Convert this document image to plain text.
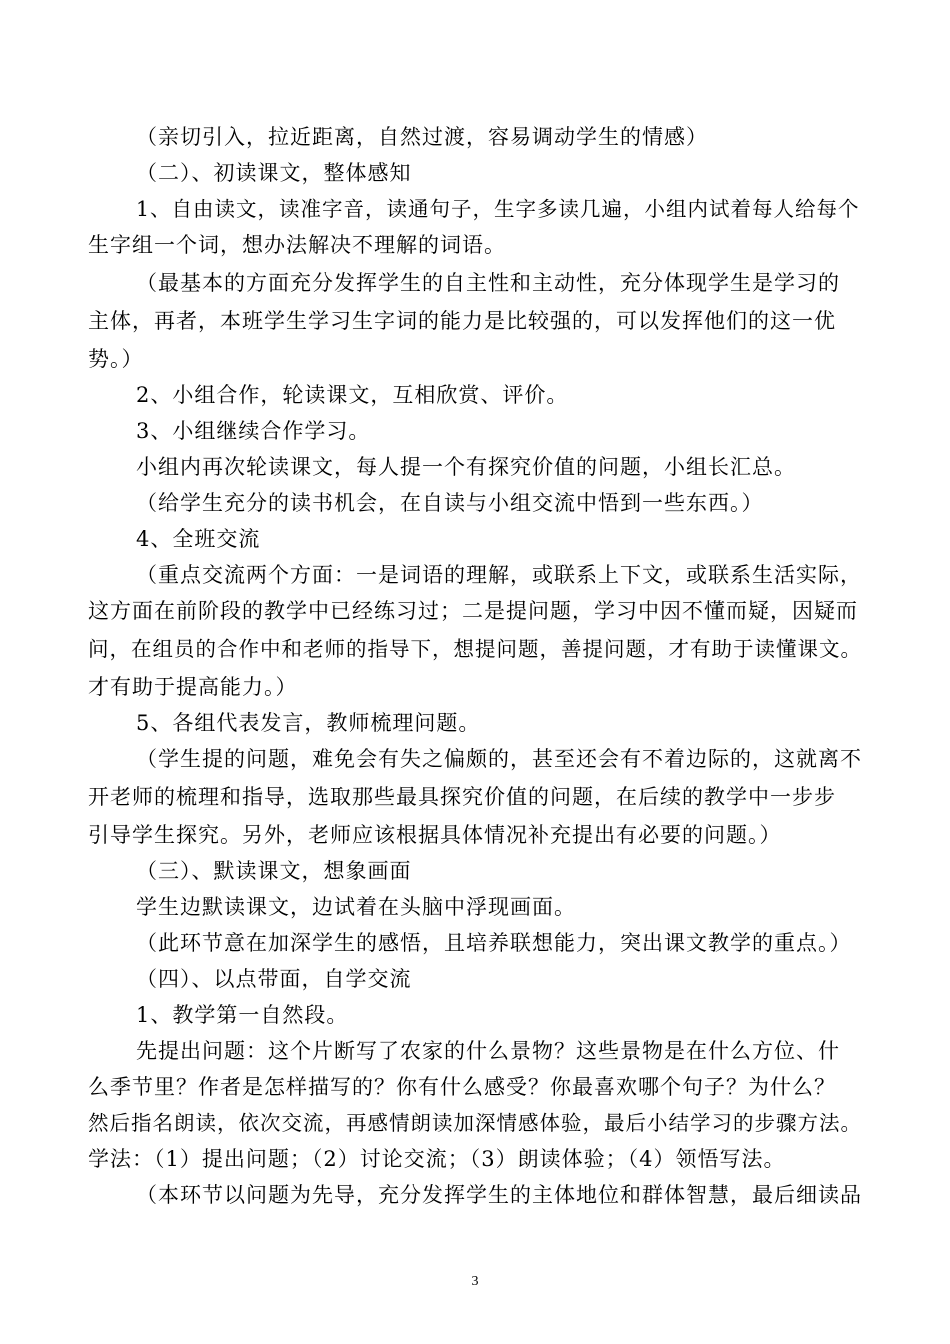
（亲切引入，拉近距离，自然过渡，容易调动学生的情感）
（二）、初读课文，整体感知
1、自由读文，读准字音，读通句子，生字多读几遍，小组内试着每人给每个
生字组一个词，想办法解决不理解的词语。
（最基本的方面充分发挥学生的自主性和主动性，充分体现学生是学习的
主体，再者，本班学生学习生字词的能力是比较强的，可以发挥他们的这一优
势。）
2、小组合作，轮读课文，互相欣赏、评价。
3、小组继续合作学习。
小组内再次轮读课文，每人提一个有探究价值的问题，小组长汇总。
（给学生充分的读书机会，在自读与小组交流中悟到一些东西。）
4、全班交流
（重点交流两个方面：一是词语的理解，或联系上下文，或联系生活实际，
这方面在前阶段的教学中已经练习过；二是提问题，学习中因不懂而疑，因疑而
问，在组员的合作中和老师的指导下，想提问题，善提问题，才有助于读懂课文。
才有助于提高能力。）
5、各组代表发言，教师梳理问题。
（学生提的问题，难免会有失之偏颇的，甚至还会有不着边际的，这就离不
开老师的梳理和指导，选取那些最具探究价值的问题，在后续的教学中一步步
引导学生探究。另外，老师应该根据具体情况补充提出有必要的问题。）
（三）、默读课文，想象画面
学生边默读课文，边试着在头脑中浮现画面。
（此环节意在加深学生的感悟，且培养联想能力，突出课文教学的重点。）
（四）、以点带面，自学交流
1、教学第一自然段。
先提出问题：这个片断写了农家的什么景物？这些景物是在什么方位、什
么季节里？作者是怎样描写的？你有什么感受？你最喜欢哪个句子？为什么？
然后指名朗读，依次交流，再感情朗读加深情感体验，最后小结学习的步骤方法。
学法：（1）提出问题；（2）讨论交流；（3）朗读体验；（4）领悟写法。
（本环节以问题为先导，充分发挥学生的主体地位和群体智慧，最后细读品
3
